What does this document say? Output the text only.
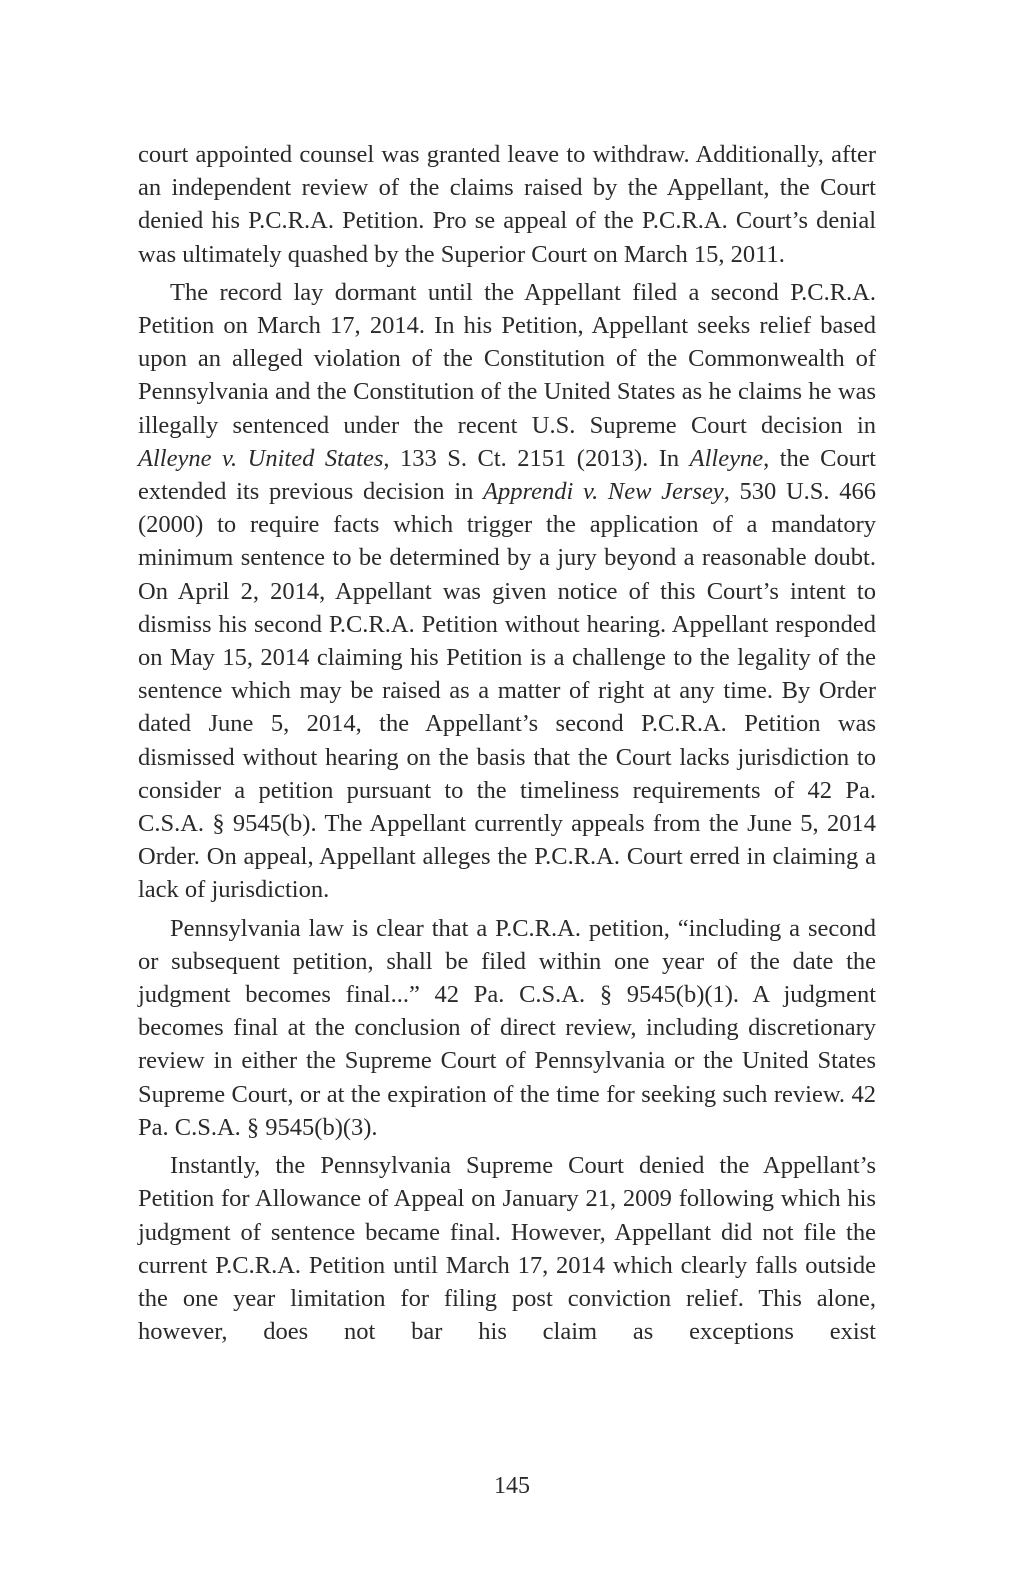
court appointed counsel was granted leave to withdraw. Additionally, after an independent review of the claims raised by the Appellant, the Court denied his P.C.R.A. Petition. Pro se appeal of the P.C.R.A. Court’s denial was ultimately quashed by the Superior Court on March 15, 2011.

The record lay dormant until the Appellant filed a second P.C.R.A. Petition on March 17, 2014. In his Petition, Appellant seeks relief based upon an alleged violation of the Constitution of the Commonwealth of Pennsylvania and the Constitution of the United States as he claims he was illegally sentenced under the recent U.S. Supreme Court decision in Alleyne v. United States, 133 S. Ct. 2151 (2013). In Alleyne, the Court extended its previous decision in Apprendi v. New Jersey, 530 U.S. 466 (2000) to require facts which trigger the application of a mandatory minimum sentence to be determined by a jury beyond a reasonable doubt. On April 2, 2014, Appellant was given notice of this Court’s intent to dismiss his second P.C.R.A. Petition without hearing. Appellant responded on May 15, 2014 claiming his Petition is a challenge to the legality of the sentence which may be raised as a matter of right at any time. By Order dated June 5, 2014, the Appellant’s second P.C.R.A. Petition was dismissed without hearing on the basis that the Court lacks jurisdiction to consider a petition pursuant to the timeliness requirements of 42 Pa. C.S.A. § 9545(b). The Appellant currently appeals from the June 5, 2014 Order. On appeal, Appellant alleges the P.C.R.A. Court erred in claiming a lack of jurisdiction.

Pennsylvania law is clear that a P.C.R.A. petition, “including a second or subsequent petition, shall be filed within one year of the date the judgment becomes final...” 42 Pa. C.S.A. § 9545(b)(1). A judgment becomes final at the conclusion of direct review, including discretionary review in either the Supreme Court of Pennsylvania or the United States Supreme Court, or at the expiration of the time for seeking such review. 42 Pa. C.S.A. § 9545(b)(3).

Instantly, the Pennsylvania Supreme Court denied the Appellant’s Petition for Allowance of Appeal on January 21, 2009 following which his judgment of sentence became final. However, Appellant did not file the current P.C.R.A. Petition until March 17, 2014 which clearly falls outside the one year limitation for filing post conviction relief. This alone, however, does not bar his claim as exceptions exist

145
